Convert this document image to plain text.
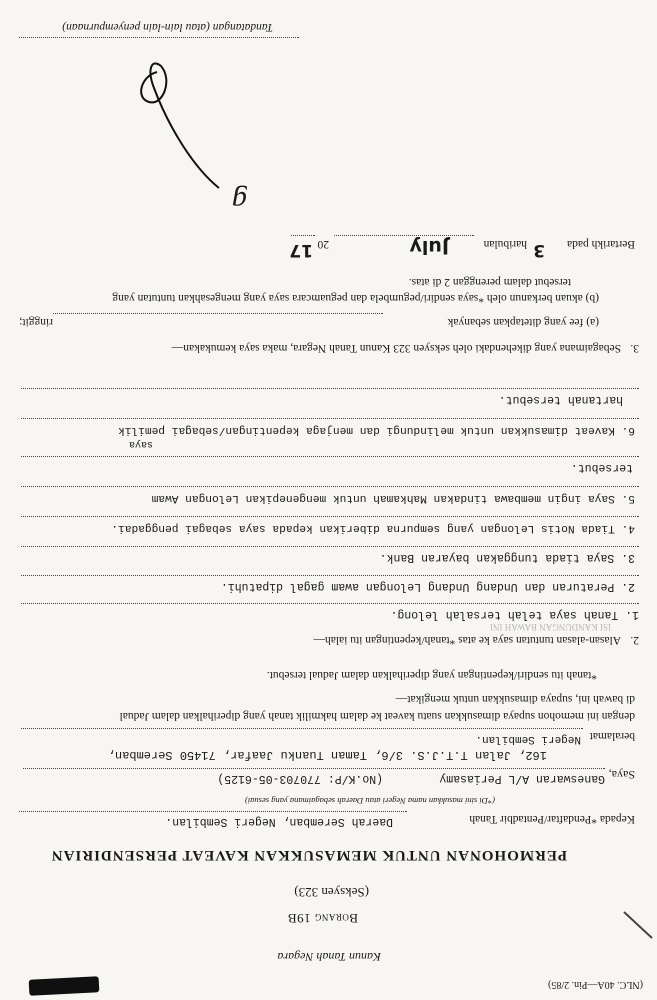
(NLC. 40A—Pin. 2/85)
Kanun Tanah Negara
Borang 19B
(Seksyen 323)
PERMOHONAN UNTUK MEMASUKKAN KAVEAT PERSENDIRIAN
Kepada *Pendaftar/Pentadbir Tanah
Daerah Seremban, Negeri Sembilan.
(*Di sini masukkan nama Negeri atau Daerah sebagaimana yang sesuai)
Saya,
Ganeswaran A/L Periasamy
(No.K/P: 770703-05-6125)
162, Jalan T.T.J.S. 3/6, Taman Tuanku Jaafar, 71450 Seremban,
beralamat
Negeri Sembilan.
dengan ini memohon supaya dimasukkan suatu kaveat ke dalam hakmilik tanah yang diperihalkan dalam Jadual
di bawah ini, supaya dimasukkan untuk mengikat—
*tanah itu sendiri/kepentingan yang diperihalkan dalam Jadual tersebut.
2.
Alasan-alasan tuntutan saya ke atas *tanah/kepentingan itu ialah—
ISI KANDUNGAN BAWAH INI
1. Tanah saya telah tersalah lelong.
2. Peraturan dan Undang Undang Lelongan awam gagal dipatuhi.
3. Saya tiada tunggakan bayaran Bank.
4. Tiada Notis Lelongan yang sempurna diberikan kepada saya sebagai penggadai.
5. Saya ingin membawa tindakan Mahkamah untuk mengenepikan Lelongan Awam
tersebut.
saya
6. Kaveat dimasukkan untuk melindungi dan menjaga kepentingan/sebagai pemilik
hartanah tersebut.
3.
Sebagaimana yang dikehendaki oleh seksyen 323 Kanun Tanah Negara, maka saya kemukakan—
(a) fee yang ditetapkan sebanyak
ringgit;
(b) akuan berkanun oleh *saya sendiri/pegumbela dan peguamcara saya yang mengesahkan tuntutan yang
tersebut dalam perenggan 2 di atas.
Bertarikh pada
3
haribulan
July
20
17
g
Tandatangan (atau lain-lain penyempurnaan)
